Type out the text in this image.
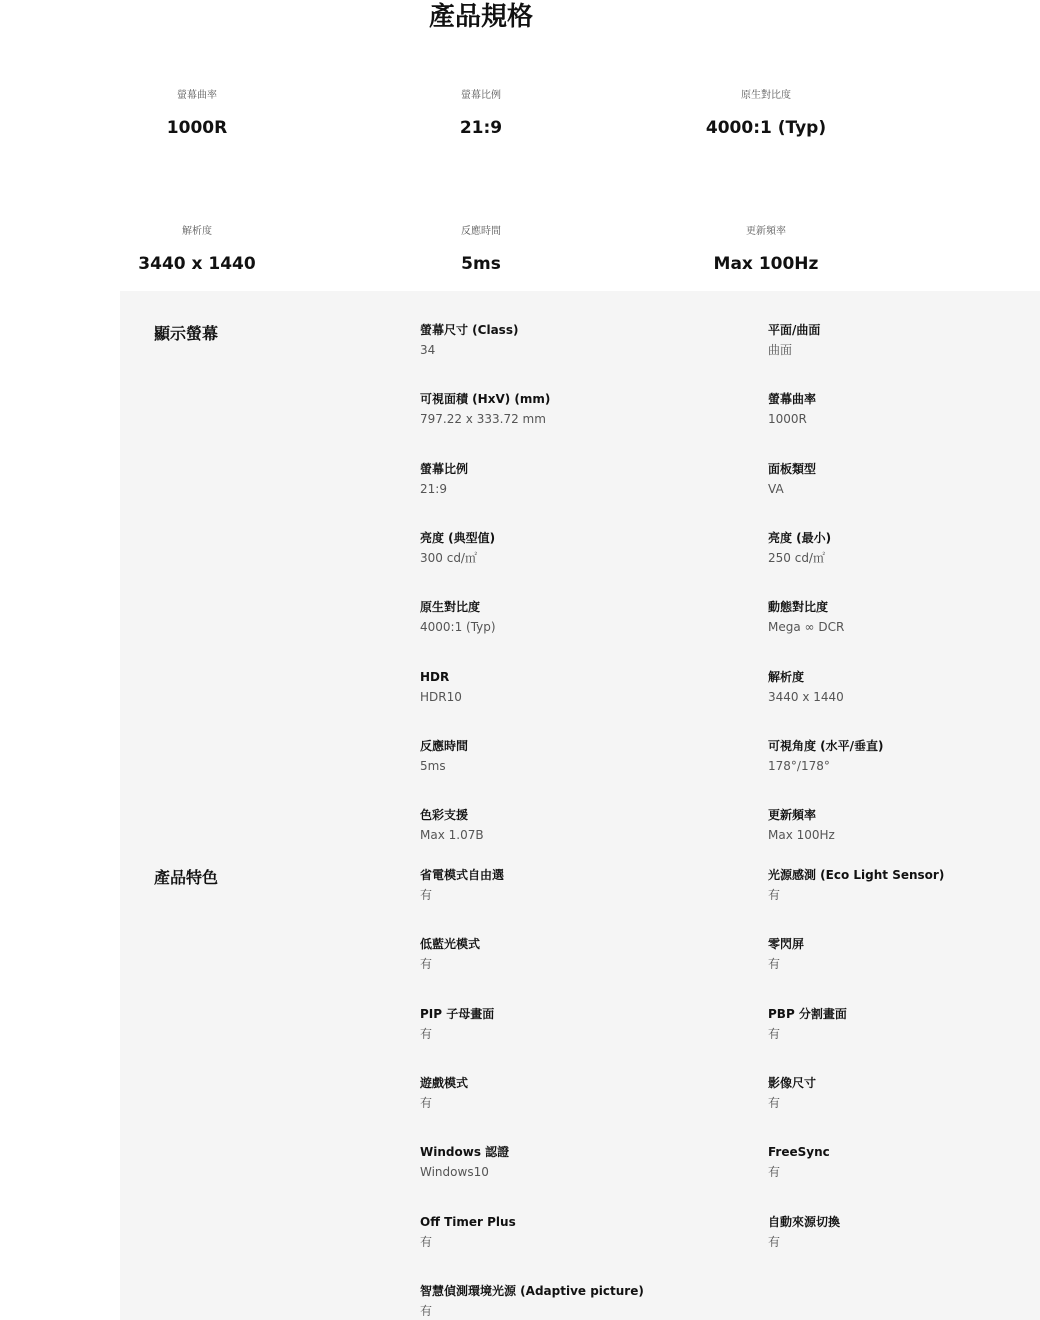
產品規格
螢幕曲率
1000R
螢幕比例
21:9
原生對比度
4000:1 (Typ)
解析度
3440 x 1440
反應時間
5ms
更新頻率
Max 100Hz
顯示螢幕	螢幕尺寸 (Class)
34
平面/曲面
曲面
可視面積 (HxV) (mm)
797.22 x 333.72 mm
螢幕曲率
1000R
螢幕比例
21:9
面板類型
VA
亮度 (典型值)
300 cd/㎡
亮度 (最小)
250 cd/㎡
原生對比度
4000:1 (Typ)
動態對比度
Mega ∞ DCR
HDR
HDR10
解析度
3440 x 1440
反應時間
5ms
可視角度 (水平/垂直)
178°/178°
色彩支援
Max 1.07B
更新頻率
Max 100Hz
產品特色	省電模式自由選
有
光源感測 (Eco Light Sensor)
有
低藍光模式
有
零閃屏
有
PIP 子母畫面
有
PBP 分割畫面
有
遊戲模式
有
影像尺寸
有
Windows 認證
Windows10
FreeSync
有
Off Timer Plus
有
自動來源切換
有
智慧偵測環境光源 (Adaptive picture)
有
